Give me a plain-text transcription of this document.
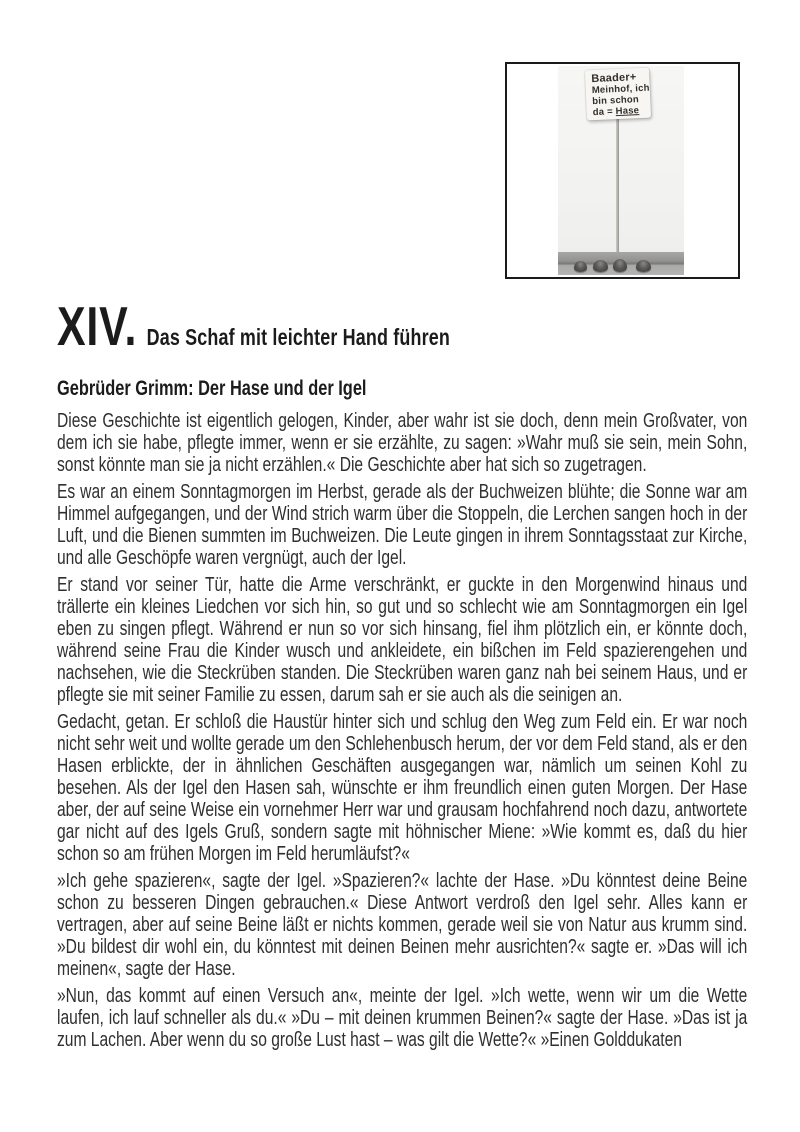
Baader+
Meinhof, ich
bin schon
da = Hase
XIV. Das Schaf mit leichter Hand führen
Gebrüder Grimm: Der Hase und der Igel

Diese Geschichte ist eigentlich gelogen, Kinder, aber wahr ist sie doch, denn mein Großvater, von dem ich sie habe, pflegte immer, wenn er sie erzählte, zu sagen: »Wahr muß sie sein, mein Sohn, sonst könnte man sie ja nicht erzählen.« Die Geschichte aber hat sich so zugetragen.

Es war an einem Sonntagmorgen im Herbst, gerade als der Buchweizen blühte; die Sonne war am Himmel aufgegangen, und der Wind strich warm über die Stoppeln, die Lerchen sangen hoch in der Luft, und die Bienen summten im Buchweizen. Die Leute gingen in ihrem Sonntagsstaat zur Kirche, und alle Geschöpfe waren vergnügt, auch der Igel.

Er stand vor seiner Tür, hatte die Arme verschränkt, er guckte in den Morgenwind hinaus und trällerte ein kleines Liedchen vor sich hin, so gut und so schlecht wie am Sonntagmorgen ein Igel eben zu singen pflegt. Während er nun so vor sich hinsang, fiel ihm plötzlich ein, er könnte doch, während seine Frau die Kinder wusch und ankleidete, ein bißchen im Feld spazierengehen und nachsehen, wie die Steckrüben standen. Die Steckrüben waren ganz nah bei seinem Haus, und er pflegte sie mit seiner Familie zu essen, darum sah er sie auch als die seinigen an.

Gedacht, getan. Er schloß die Haustür hinter sich und schlug den Weg zum Feld ein. Er war noch nicht sehr weit und wollte gerade um den Schlehenbusch herum, der vor dem Feld stand, als er den Hasen erblickte, der in ähnlichen Geschäften ausgegangen war, nämlich um seinen Kohl zu besehen. Als der Igel den Hasen sah, wünschte er ihm freundlich einen guten Morgen. Der Hase aber, der auf seine Weise ein vornehmer Herr war und grausam hochfahrend noch dazu, antwortete gar nicht auf des Igels Gruß, sondern sagte mit höhnischer Miene: »Wie kommt es, daß du hier schon so am frühen Morgen im Feld herumläufst?«

»Ich gehe spazieren«, sagte der Igel. »Spazieren?« lachte der Hase. »Du könntest deine Beine schon zu besseren Dingen gebrauchen.« Diese Antwort verdroß den Igel sehr. Alles kann er vertragen, aber auf seine Beine läßt er nichts kommen, gerade weil sie von Natur aus krumm sind. »Du bildest dir wohl ein, du könntest mit deinen Beinen mehr ausrichten?« sagte er. »Das will ich meinen«, sagte der Hase.

»Nun, das kommt auf einen Versuch an«, meinte der Igel. »Ich wette, wenn wir um die Wette laufen, ich lauf schneller als du.« »Du – mit deinen krummen Beinen?« sagte der Hase. »Das ist ja zum Lachen. Aber wenn du so große Lust hast – was gilt die Wette?« »Einen Golddukaten
